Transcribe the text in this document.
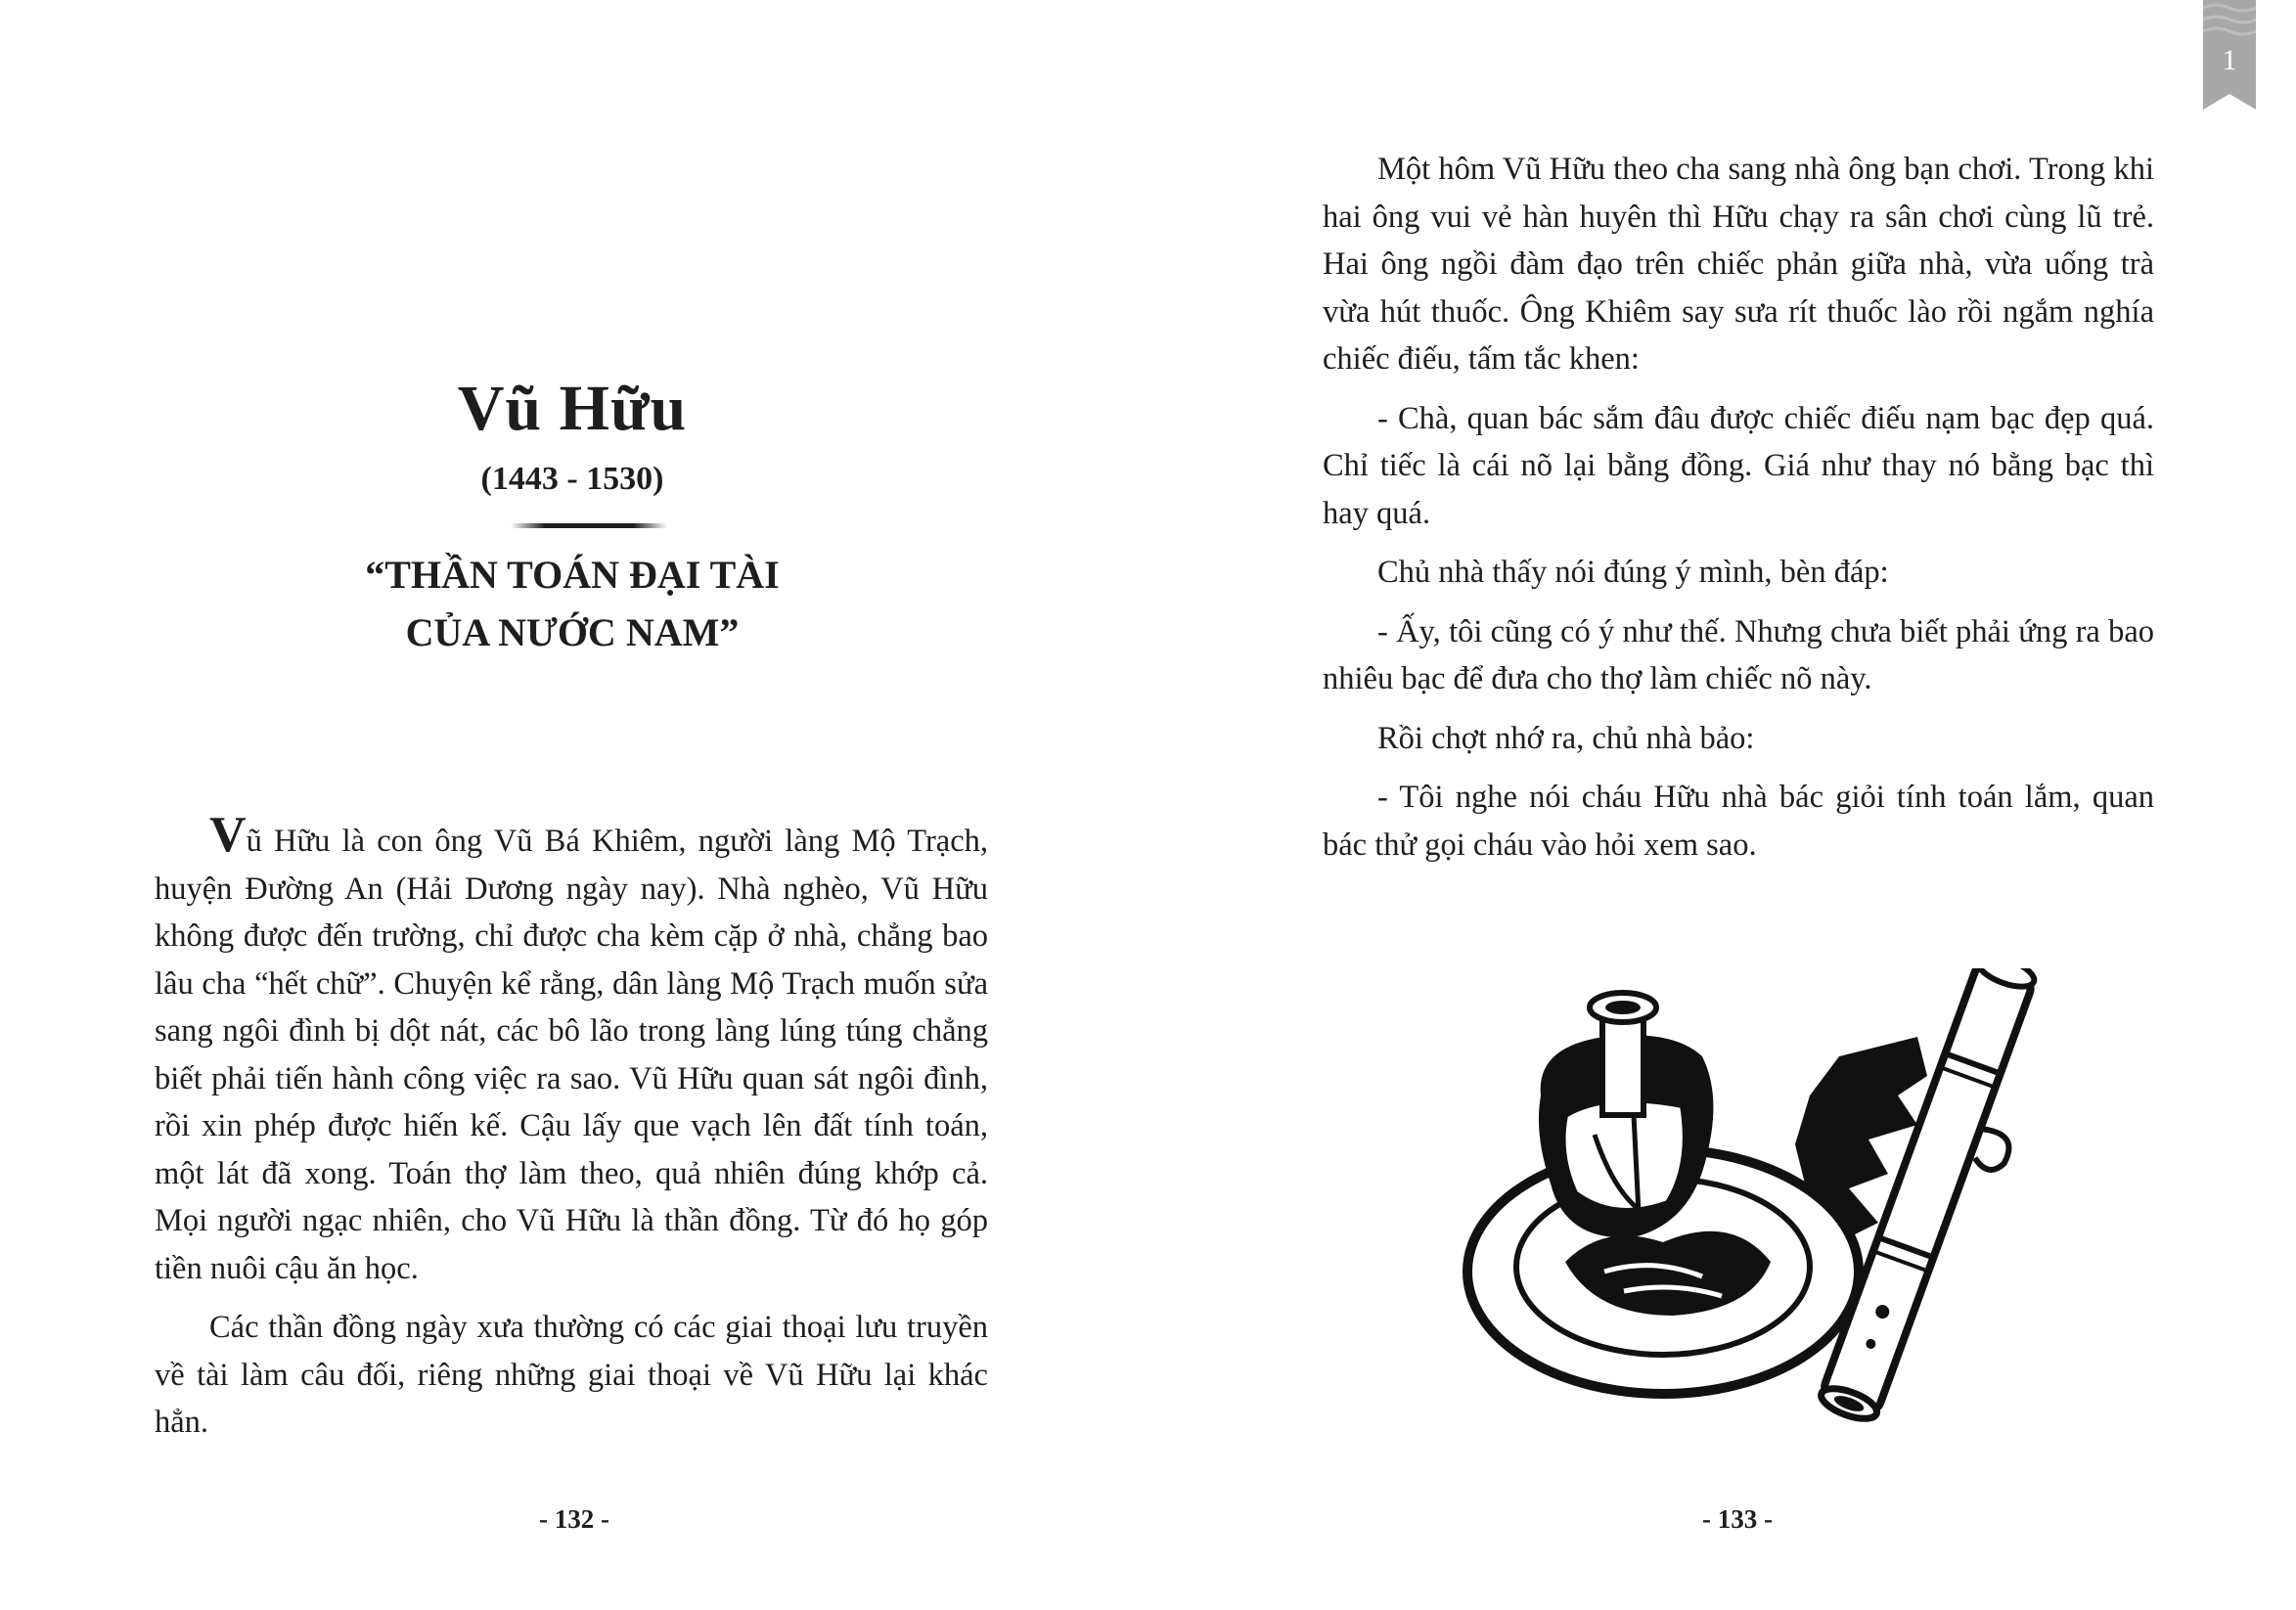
Vũ Hữu
(1443 - 1530)
“THẦN TOÁN ĐẠI TÀI
CỦA NƯỚC NAM”

Vũ Hữu là con ông Vũ Bá Khiêm, người làng Mộ Trạch, huyện Đường An (Hải Dương ngày nay). Nhà nghèo, Vũ Hữu không được đến trường, chỉ được cha kèm cặp ở nhà, chẳng bao lâu cha “hết chữ”. Chuyện kể rằng, dân làng Mộ Trạch muốn sửa sang ngôi đình bị dột nát, các bô lão trong làng lúng túng chẳng biết phải tiến hành công việc ra sao. Vũ Hữu quan sát ngôi đình, rồi xin phép được hiến kế. Cậu lấy que vạch lên đất tính toán, một lát đã xong. Toán thợ làm theo, quả nhiên đúng khớp cả. Mọi người ngạc nhiên, cho Vũ Hữu là thần đồng. Từ đó họ góp tiền nuôi cậu ăn học.

Các thần đồng ngày xưa thường có các giai thoại lưu truyền về tài làm câu đối, riêng những giai thoại về Vũ Hữu lại khác hẳn.

- 132 -

Một hôm Vũ Hữu theo cha sang nhà ông bạn chơi. Trong khi hai ông vui vẻ hàn huyên thì Hữu chạy ra sân chơi cùng lũ trẻ. Hai ông ngồi đàm đạo trên chiếc phản giữa nhà, vừa uống trà vừa hút thuốc. Ông Khiêm say sưa rít thuốc lào rồi ngắm nghía chiếc điếu, tấm tắc khen:

- Chà, quan bác sắm đâu được chiếc điếu nạm bạc đẹp quá. Chỉ tiếc là cái nõ lại bằng đồng. Giá như thay nó bằng bạc thì hay quá.

Chủ nhà thấy nói đúng ý mình, bèn đáp:

- Ấy, tôi cũng có ý như thế. Nhưng chưa biết phải ứng ra bao nhiêu bạc để đưa cho thợ làm chiếc nõ này.

Rồi chợt nhớ ra, chủ nhà bảo:

- Tôi nghe nói cháu Hữu nhà bác giỏi tính toán lắm, quan bác thử gọi cháu vào hỏi xem sao.

- 133 -
1
